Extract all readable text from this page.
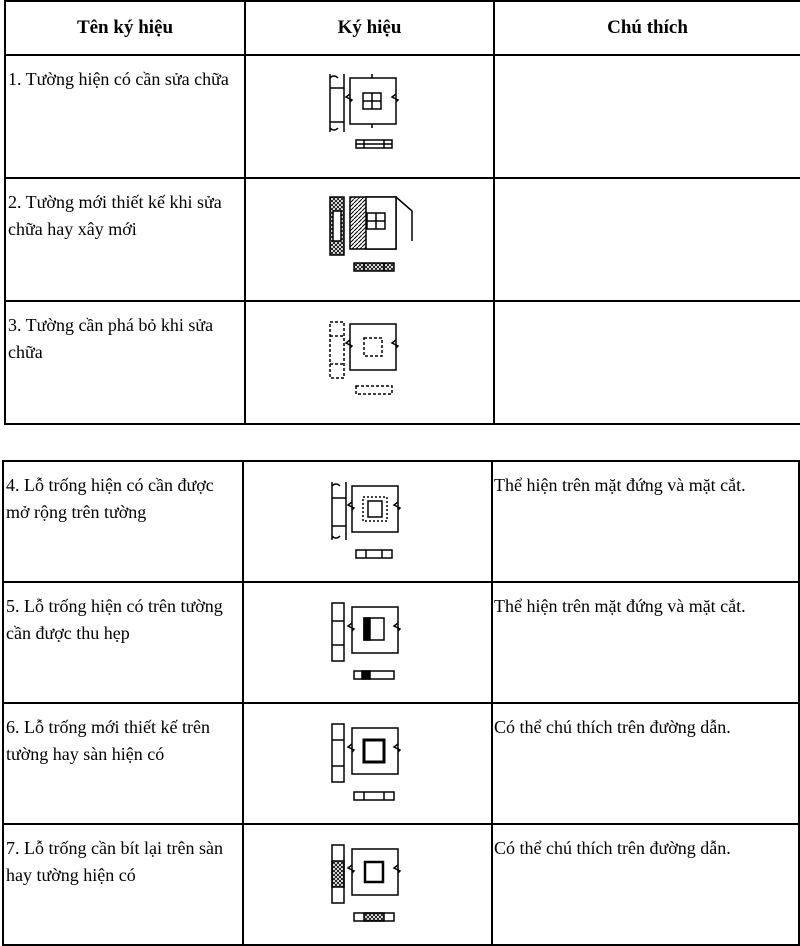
Tên ký hiệu	Ký hiệu	Chú thích
1. Tường hiện có cần sửa chữa	

2. Tường mới thiết kế khi sửa chữa hay xây mới	

3. Tường cần phá bỏ khi sửa chữa	

4. Lỗ trống hiện có cần được mở rộng trên tường		Thể hiện trên mặt đứng và mặt cắt.
5. Lỗ trống hiện có trên tường cần được thu hẹp		Thể hiện trên mặt đứng và mặt cắt.
6. Lỗ trống mới thiết kế trên tường hay sàn hiện có		Có thể chú thích trên đường dẫn.
7. Lỗ trống cần bít lại trên sàn hay tường hiện có		Có thể chú thích trên đường dẫn.
